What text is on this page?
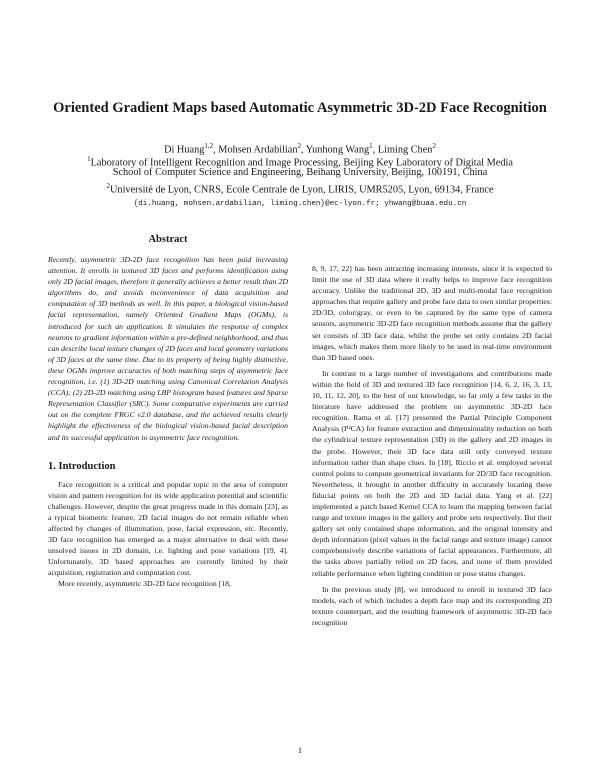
Oriented Gradient Maps based Automatic Asymmetric 3D-2D Face Recognition
Di Huang$^{1,2}$, Mohsen Ardabilian$^2$, Yunhong Wang$^1$, Liming Chen$^2$
$^1$Laboratory of Intelligent Recognition and Image Processing, Beijing Key Laboratory of Digital Media
School of Computer Science and Engineering, Beihang University, Beijing, 100191, China
$^2$Université de Lyon, CNRS, Ecole Centrale de Lyon, LIRIS, UMR5205, Lyon, 69134, France
{di.huang, mohsen.ardabilian, liming.chen}@ec-lyon.fr; yhwang@buaa.edu.cn

Abstract

Recently, asymmetric 3D-2D face recognition has been paid increasing attention. It enrolls in textured 3D faces and performs identification using only 2D facial images, therefore it generally achieves a better result than 2D algorithms do, and avoids inconvenience of data acquisition and computation of 3D methods as well. In this paper, a biological vision-based facial representation, namely Oriented Gradient Maps (OGMs), is introduced for such an application. It simulates the response of complex neurons to gradient information within a pre-defined neighborhood, and thus can describe local texture changes of 2D faces and local geometry variations of 3D faces at the same time. Due to its property of being highly distinctive, these OGMs improve accuracies of both matching steps of asymmetric face recognition, i.e. (1) 3D-2D matching using Canonical Correlation Analysis (CCA); (2) 2D-2D matching using LBP histogram based features and Sparse Representation Classifier (SRC). Some comparative experiments are carried out on the complete FRGC v2.0 database, and the achieved results clearly highlight the effectiveness of the biological vision-based facial description and its successful application to asymmetric face recognition.

1. Introduction

Face recognition is a critical and popular topic in the area of computer vision and pattern recognition for its wide application potential and scientific challenges. However, despite the great progress made in this domain [23], as a typical biometric feature, 2D facial images do not remain reliable when affected by changes of illumination, pose, facial expression, etc. Recently, 3D face recognition has emerged as a major alternative to deal with these unsolved issues in 2D domain, i.e. lighting and pose variations [19, 4]. Unfortunately, 3D based approaches are currently limited by their acquisition, registration and computation cost.

More recently, asymmetric 3D-2D face recognition [18,

8, 9, 17, 22] has been attracting increasing interests, since it is expected to limit the use of 3D data where it really helps to improve face recognition accuracy. Unlike the traditional 2D, 3D and multi-modal face recognition approaches that require gallery and probe face data to own similar properties: 2D/3D, color/gray, or even to be captured by the same type of camera sensors, asymmetric 3D-2D face recognition methods assume that the gallery set consists of 3D face data, whilst the probe set only contains 2D facial images, which makes them more likely to be used in real-time environment than 3D based ones.

In contrast to a large number of investigations and contributions made within the field of 3D and textured 3D face recognition [14, 6, 2, 16, 3, 13, 10, 11, 12, 20], to the best of our knowledge, so far only a few tasks in the literature have addressed the problem on asymmetric 3D-2D face recognition. Rama et al. [17] presented the Partial Principle Component Analysis (P²CA) for feature extraction and dimensionality reduction on both the cylindrical texture representation (3D) in the gallery and 2D images in the probe. However, their 3D face data still only conveyed texture information rather than shape clues. In [18], Riccio et al. employed several control points to compute geometrical invariants for 2D/3D face recognition. Nevertheless, it brought in another difficulty in accurately locating these fiducial points on both the 2D and 3D facial data. Yang et al. [22] implemented a patch based Kernel CCA to learn the mapping between facial range and texture images in the gallery and probe sets respectively. But their gallery set only contained shape information, and the original intensity and depth information (pixel values in the facial range and texture image) cannot comprehensively describe variations of facial appearances. Furthermore, all the tasks above partially relied on 2D faces, and none of them provided reliable performance when lighting condition or pose status changes.

In the previous study [8], we introduced to enroll in textured 3D face models, each of which includes a depth face map and its corresponding 2D texture counterpart, and the resulting framework of asymmetric 3D-2D face recognition

1
